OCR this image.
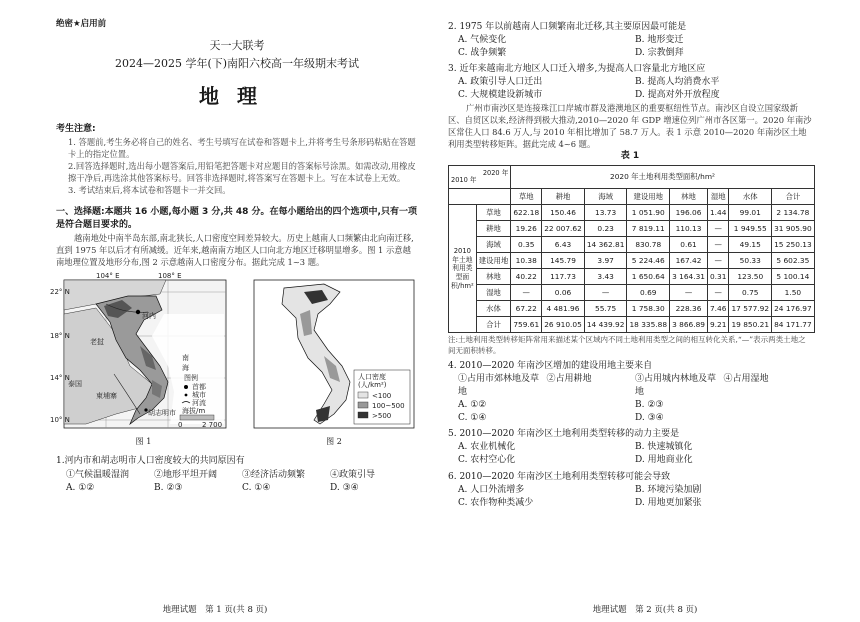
绝密★启用前

天一大联考

2024—2025 学年(下)南阳六校高一年级期末考试

地理
考生注意:
1. 答题前,考生务必将自己的姓名、考生号填写在试卷和答题卡上,并将考生号条形码粘贴在答题卡上的指定位置。
2.回答选择题时,选出每小题答案后,用铅笔把答题卡对应题目的答案标号涂黑。如需改动,用橡皮擦干净后,再选涂其他答案标号。回答非选择题时,将答案写在答题卡上。写在本试卷上无效。
3. 考试结束后,将本试卷和答题卡一并交回。
一、选择题:本题共 16 小题,每小题 3 分,共 48 分。在每小题给出的四个选项中,只有一项是符合题目要求的。
越南地处中南半岛东部,南北狭长,人口密度空间差异较大。历史上越南人口频繁由北向南迁移,直到 1975 年以后才有所减缓。近年来,越南南方地区人口向北方地区迁移明显增多。图 1 示意越南地理位置及地形分布,图 2 示意越南人口密度分布。据此完成 1~3 题。
河内
胡志明市
老挝
柬埔寨
泰国
南
海
104° E	108° E
22° N
18° N
14° N
10° N
图例
首都
城市
河流
海拔/m
0	2 700
图 1
人口密度
(人/km²)
<100
100~500
>500
图 2
1.河内市和胡志明市人口密度较大的共同原因有
①气候温暖湿润	②地形平坦开阔	③经济活动频繁	④政策引导
A. ①②	B. ②③	C. ①④	D. ③④
地理试题　第 1 页(共 8 页)
2. 1975 年以前越南人口频繁南北迁移,其主要原因最可能是
A. 气候变化	B. 地形变迁
C. 战争频繁	D. 宗教倒拜
3. 近年来越南北方地区人口迁入增多,为提高人口容量北方地区应
A. 政策引导人口迁出	B. 提高人均消费水平
C. 大规模建设新城市	D. 提高对外开放程度
广州市南沙区是连接珠江口岸城市群及港澳地区的重要枢纽性节点。南沙区自设立国家级新区、自贸区以来,经济得到极大推动,2010—2020 年 GDP 增速位列广州市各区第一。2020 年南沙区常住人口 84.6 万人,与 2010 年相比增加了 58.7 万人。表 1 示意 2010—2020 年南沙区土地利用类型转移矩阵。据此完成 4~6 题。
表 1
2020 年
2010 年		2020 年土地利用类型面积/hm²							
		草地	耕地	海域	建设用地	林地	湿地	水体	合计
2010 年土地利用类型面积/hm²	草地	622.18	150.46	13.73	1 051.90	196.06	1.44	99.01	2 134.78
	耕地	19.26	22 007.62	0.23	7 819.11	110.13	—	1 949.55	31 905.90
	海域	0.35	6.43	14 362.81	830.78	0.61	—	49.15	15 250.13
	建设用地	10.38	145.79	3.97	5 224.46	167.42	—	50.33	5 602.35
	林地	40.22	117.73	3.43	1 650.64	3 164.31	0.31	123.50	5 100.14
	湿地	—	0.06	—	0.69	—	—	0.75	1.50
	水体	67.22	4 481.96	55.75	1 758.30	228.36	7.46	17 577.92	24 176.97
	合计	759.61	26 910.05	14 439.92	18 335.88	3 866.89	9.21	19 850.21	84 171.77
注:土地利用类型转移矩阵常用来描述某个区域内不同土地利用类型之间的相互转化关系,“—”表示两类土地之间无面积转移。
4. 2010—2020 年南沙区增加的建设用地主要来自
①占用市郊林地及草地
②占用耕地	③占用城内林地及草地
④占用湿地
A. ①②	B. ②③
C. ①④	D. ③④
5. 2010—2020 年南沙区土地利用类型转移的动力主要是
A. 农业机械化	B. 快速城镇化
C. 农村空心化	D. 用地商业化
6. 2010—2020 年南沙区土地利用类型转移可能会导致
A. 人口外流增多	B. 环境污染加剧
C. 农作物种类减少	D. 用地更加紧张
地理试题　第 2 页(共 8 页)
